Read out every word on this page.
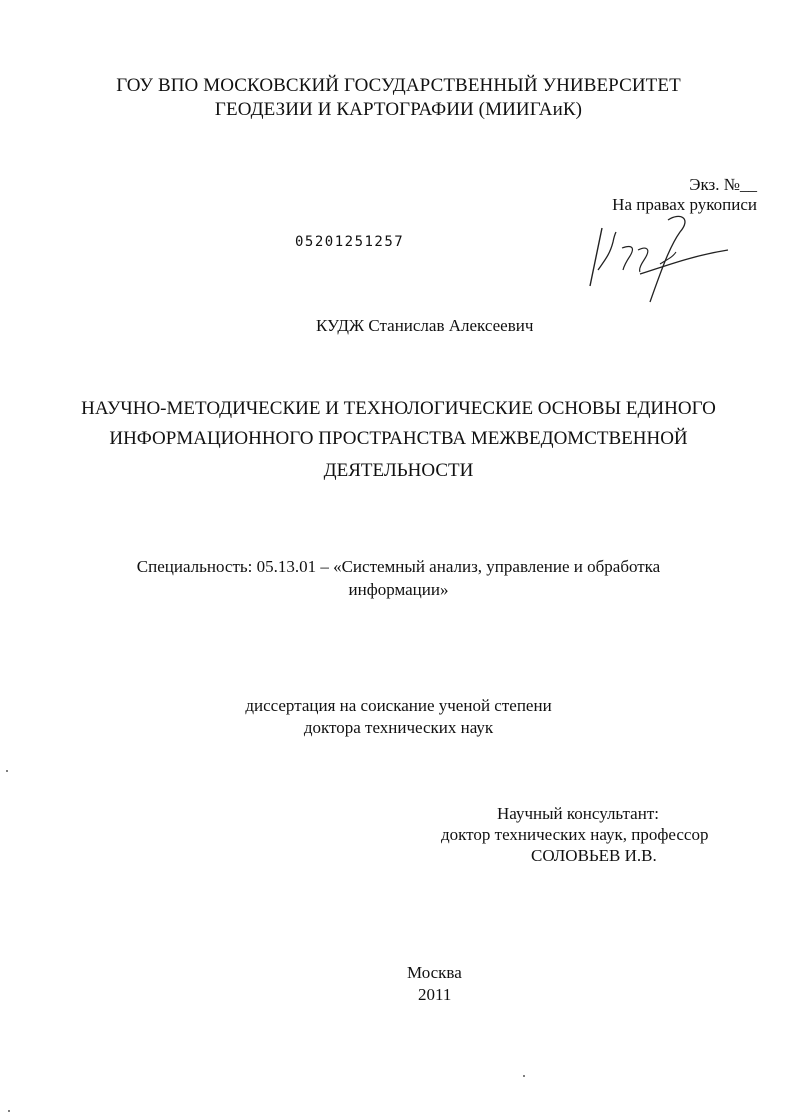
ГОУ ВПО МОСКОВСКИЙ ГОСУДАРСТВЕННЫЙ УНИВЕРСИТЕТ
ГЕОДЕЗИИ И КАРТОГРАФИИ (МИИГАиК)
Экз. №__
На правах рукописи
05201251257
КУДЖ Станислав Алексеевич
НАУЧНО-МЕТОДИЧЕСКИЕ И ТЕХНОЛОГИЧЕСКИЕ ОСНОВЫ ЕДИНОГО
ИНФОРМАЦИОННОГО ПРОСТРАНСТВА МЕЖВЕДОМСТВЕННОЙ
ДЕЯТЕЛЬНОСТИ
Специальность: 05.13.01 – «Системный анализ, управление и обработка
информации»
диссертация на соискание ученой степени
доктора технических наук
Научный консультант:
доктор технических наук, профессор
СОЛОВЬЕВ И.В.
Москва
2011
